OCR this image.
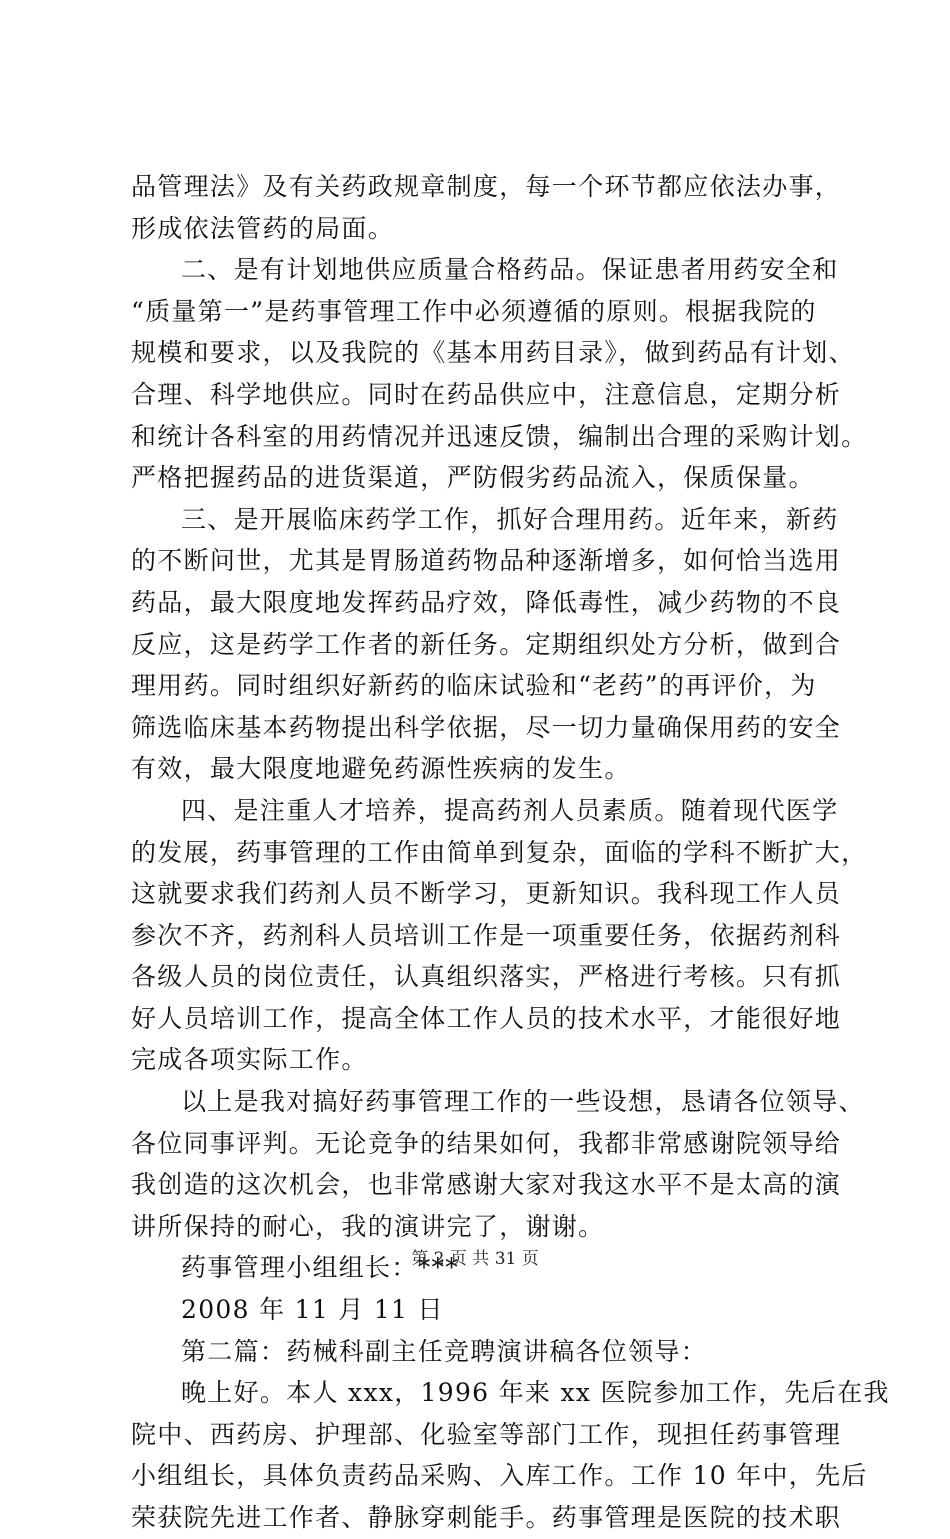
品管理法》及有关药政规章制度，每一个环节都应依法办事，
形成依法管药的局面。
二、是有计划地供应质量合格药品。保证患者用药安全和
“质量第一”是药事管理工作中必须遵循的原则。根据我院的
规模和要求，以及我院的《基本用药目录》，做到药品有计划、
合理、科学地供应。同时在药品供应中，注意信息，定期分析
和统计各科室的用药情况并迅速反馈，编制出合理的采购计划。
严格把握药品的进货渠道，严防假劣药品流入，保质保量。
三、是开展临床药学工作，抓好合理用药。近年来，新药
的不断问世，尤其是胃肠道药物品种逐渐增多，如何恰当选用
药品，最大限度地发挥药品疗效，降低毒性，减少药物的不良
反应，这是药学工作者的新任务。定期组织处方分析，做到合
理用药。同时组织好新药的临床试验和“老药”的再评价，为
筛选临床基本药物提出科学依据，尽一切力量确保用药的安全
有效，最大限度地避免药源性疾病的发生。
四、是注重人才培养，提高药剂人员素质。随着现代医学
的发展，药事管理的工作由简单到复杂，面临的学科不断扩大，
这就要求我们药剂人员不断学习，更新知识。我科现工作人员
参次不齐，药剂科人员培训工作是一项重要任务，依据药剂科
各级人员的岗位责任，认真组织落实，严格进行考核。只有抓
好人员培训工作，提高全体工作人员的技术水平，才能很好地
完成各项实际工作。
以上是我对搞好药事管理工作的一些设想，恳请各位领导、
各位同事评判。无论竞争的结果如何，我都非常感谢院领导给
我创造的这次机会，也非常感谢大家对我这水平不是太高的演
讲所保持的耐心，我的演讲完了，谢谢。
药事管理小组组长：***
2008 年 11 月 11 日
第二篇：药械科副主任竞聘演讲稿各位领导：
晚上好。本人 xxx，1996 年来 xx 医院参加工作，先后在我
院中、西药房、护理部、化验室等部门工作，现担任药事管理
小组组长，具体负责药品采购、入库工作。工作 10 年中，先后
荣获院先进工作者、静脉穿刺能手。药事管理是医院的技术职
第 2 页 共 31 页
